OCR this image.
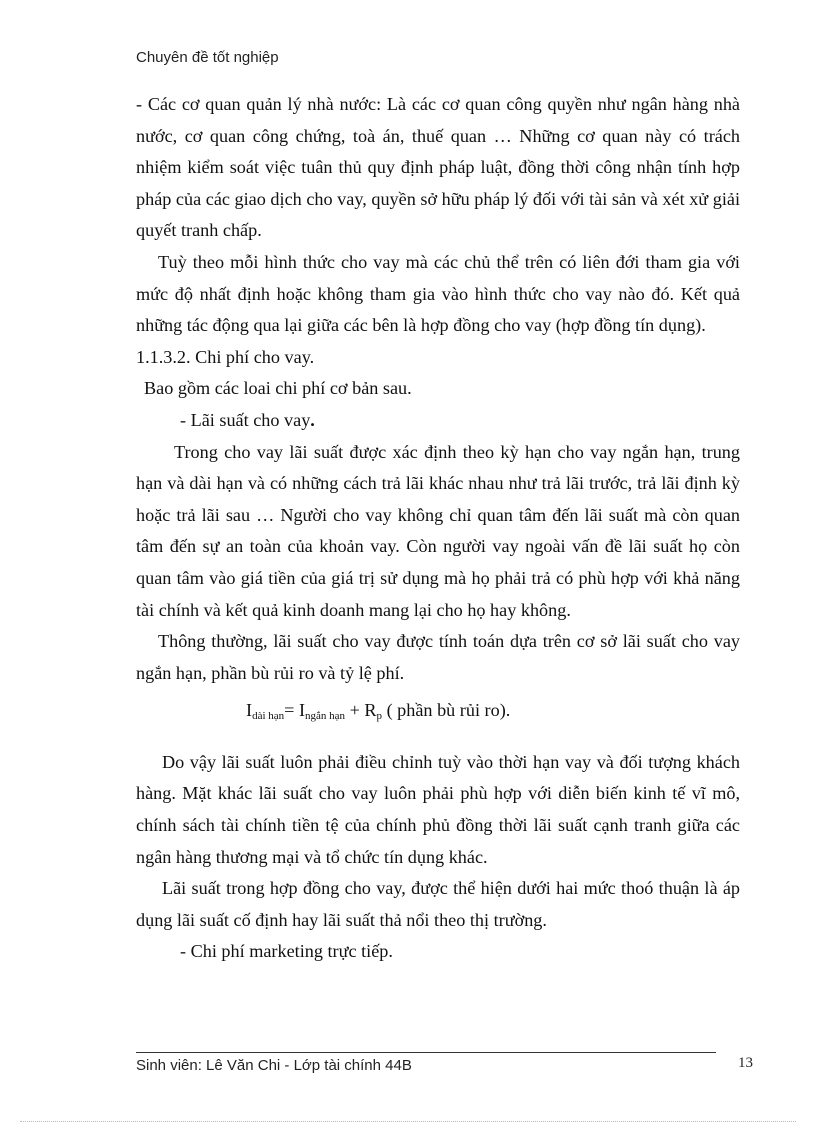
Chuyên đề tốt nghiệp

- Các cơ quan quản lý nhà nước: Là các cơ quan công quyền như ngân hàng nhà nước, cơ quan công chứng, toà án, thuế quan … Những cơ quan này có trách nhiệm kiểm soát việc tuân thủ quy định pháp luật, đồng thời công nhận tính hợp pháp của các giao dịch cho vay, quyền sở hữu pháp lý đối với tài sản và xét xử giải quyết tranh chấp.

Tuỳ theo mỗi hình thức cho vay mà các chủ thể trên có liên đới tham gia với mức độ nhất định hoặc không tham gia vào hình thức cho vay nào đó. Kết quả những tác động qua lại giữa các bên là hợp đồng cho vay (hợp đồng tín dụng).

1.1.3.2. Chi phí cho vay.

Bao gồm các loai chi phí cơ bản sau.

- Lãi suất cho vay.

Trong cho vay lãi suất được xác định theo kỳ hạn cho vay ngắn hạn, trung hạn và dài hạn và có những cách trả lãi khác nhau như trả lãi trước, trả lãi định kỳ hoặc trả lãi sau … Người cho vay không chỉ quan tâm đến lãi suất mà còn quan tâm đến sự an toàn của khoản vay. Còn người vay ngoài vấn đề lãi suất họ còn quan tâm vào giá tiền của giá trị sử dụng mà họ phải trả có phù hợp với khả năng tài chính và kết quả kinh doanh mang lại cho họ hay không.

Thông thường, lãi suất cho vay được tính toán dựa trên cơ sở lãi suất cho vay ngắn hạn, phần bù rủi ro và tỷ lệ phí.

$I_{dài hạn}= I_{ngắn hạn} + R_p$ ( phần bù rủi ro).

Do vậy lãi suất luôn phải điều chỉnh tuỳ vào thời hạn vay và đối tượng khách hàng. Mặt khác lãi suất cho vay luôn phải phù hợp với diễn biến kinh tế vĩ mô, chính sách tài chính tiền tệ của chính phủ đồng thời lãi suất cạnh tranh giữa các ngân hàng thương mại và tổ chức tín dụng khác.

Lãi suất trong hợp đồng cho vay, được thể hiện dưới hai mức thoó thuận là áp dụng lãi suất cố định hay lãi suất thả nổi theo thị trường.

- Chi phí marketing trực tiếp.

Sinh viên: Lê Văn Chi - Lớp tài chính 44B	13
